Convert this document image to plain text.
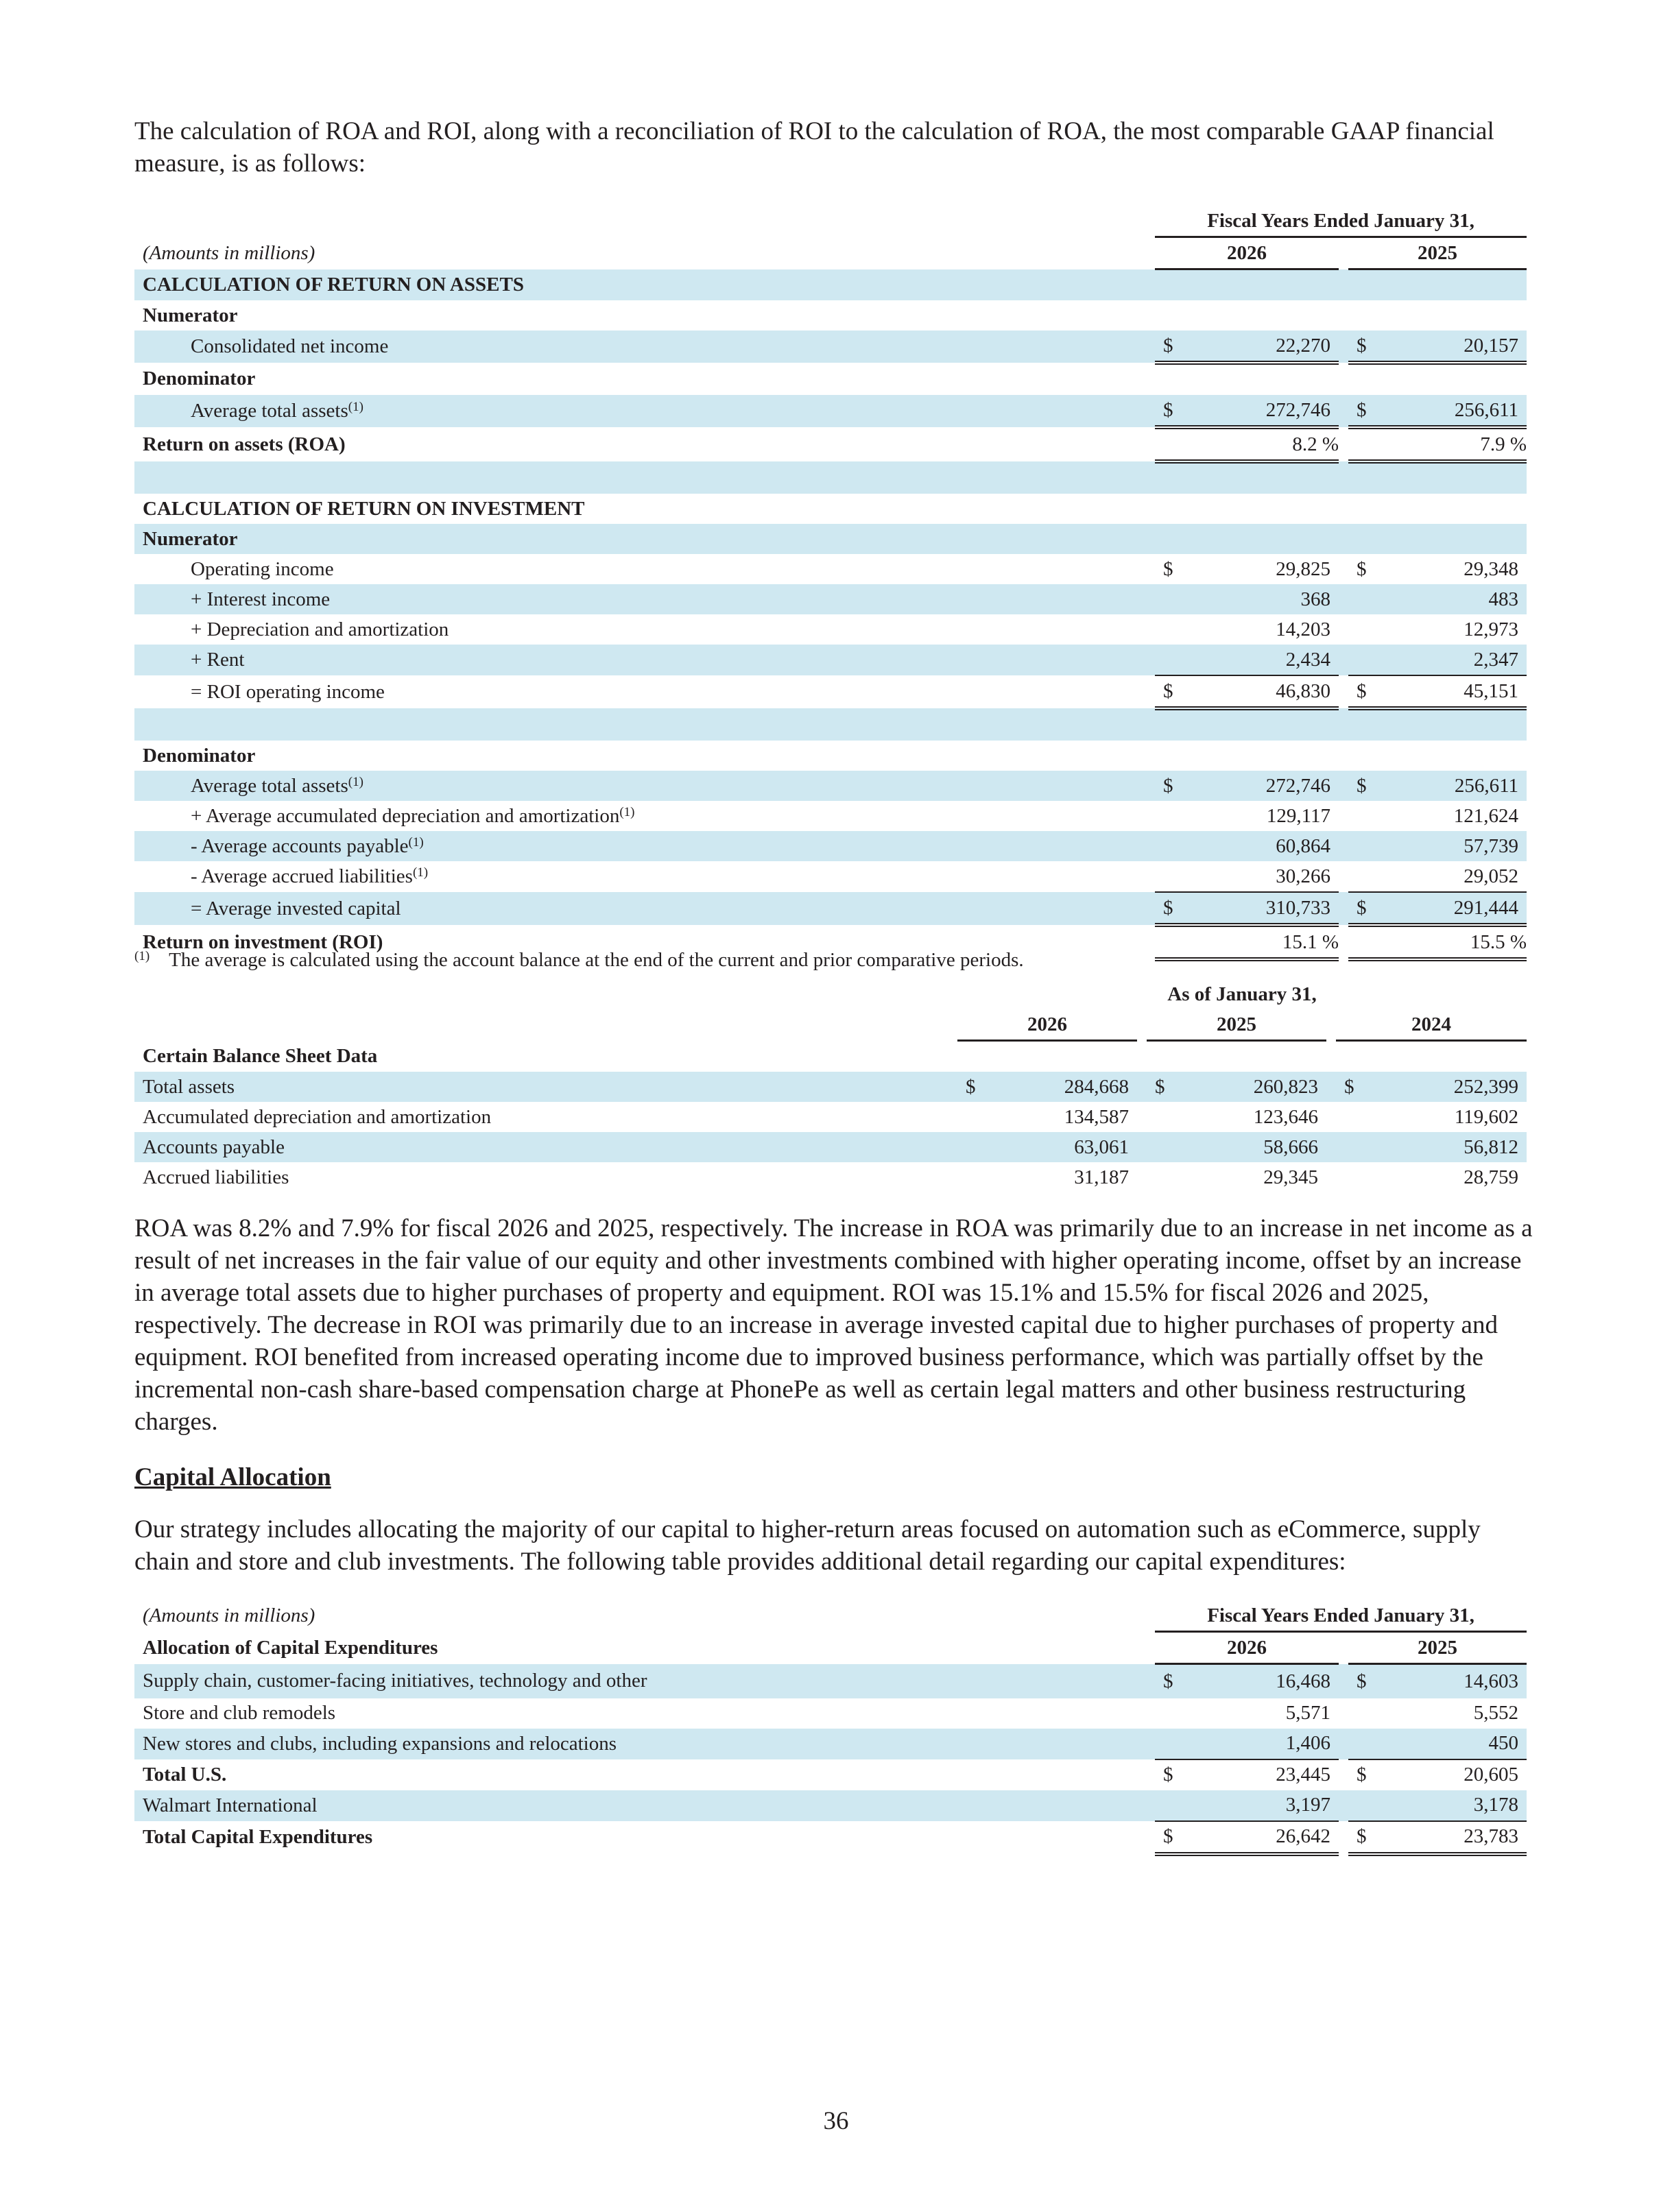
The calculation of ROA and ROI, along with a reconciliation of ROI to the calculation of ROA, the most comparable GAAP financial measure, is as follows:

	Fiscal Years Ended January 31,				
(Amounts in millions)	2026			2025	
CALCULATION OF RETURN ON ASSETS					
Numerator					
Consolidated net income	$	22,270		$	20,157
Denominator					
Average total assets$^{(1)}$	$	272,746		$	256,611
Return on assets (ROA)		8.2 %			7.9 %

CALCULATION OF RETURN ON INVESTMENT					
Numerator					
Operating income	$	29,825		$	29,348
+ Interest income		368			483
+ Depreciation and amortization		14,203			12,973
+ Rent		2,434			2,347
= ROI operating income	$	46,830		$	45,151

Denominator					
Average total assets$^{(1)}$	$	272,746		$	256,611
+ Average accumulated depreciation and amortization$^{(1)}$		129,117			121,624
- Average accounts payable$^{(1)}$		60,864			57,739
- Average accrued liabilities$^{(1)}$		30,266			29,052
= Average invested capital	$	310,733		$	291,444
Return on investment (ROI)		15.1 %			15.5 %

$^{(1)}$ The average is calculated using the account balance at the end of the current and prior comparative periods.

	As of January 31,							
	2026			2025			2024	
Certain Balance Sheet Data								
Total assets	$	284,668		$	260,823		$	252,399
Accumulated depreciation and amortization		134,587			123,646			119,602
Accounts payable		63,061			58,666			56,812
Accrued liabilities		31,187			29,345			28,759

ROA was 8.2% and 7.9% for fiscal 2026 and 2025, respectively. The increase in ROA was primarily due to an increase in net income as a result of net increases in the fair value of our equity and other investments combined with higher operating income, offset by an increase in average total assets due to higher purchases of property and equipment. ROI was 15.1% and 15.5% for fiscal 2026 and 2025, respectively. The decrease in ROI was primarily due to an increase in average invested capital due to higher purchases of property and equipment. ROI benefited from increased operating income due to improved business performance, which was partially offset by the incremental non-cash share-based compensation charge at PhonePe as well as certain legal matters and other business restructuring charges.

Capital Allocation

Our strategy includes allocating the majority of our capital to higher-return areas focused on automation such as eCommerce, supply chain and store and club investments. The following table provides additional detail regarding our capital expenditures:

(Amounts in millions)	Fiscal Years Ended January 31,				
Allocation of Capital Expenditures	2026			2025	
Supply chain, customer-facing initiatives, technology and other	$	16,468		$	14,603
Store and club remodels		5,571			5,552
New stores and clubs, including expansions and relocations		1,406			450
Total U.S.	$	23,445		$	20,605
Walmart International		3,197			3,178
Total Capital Expenditures	$	26,642		$	23,783

36
